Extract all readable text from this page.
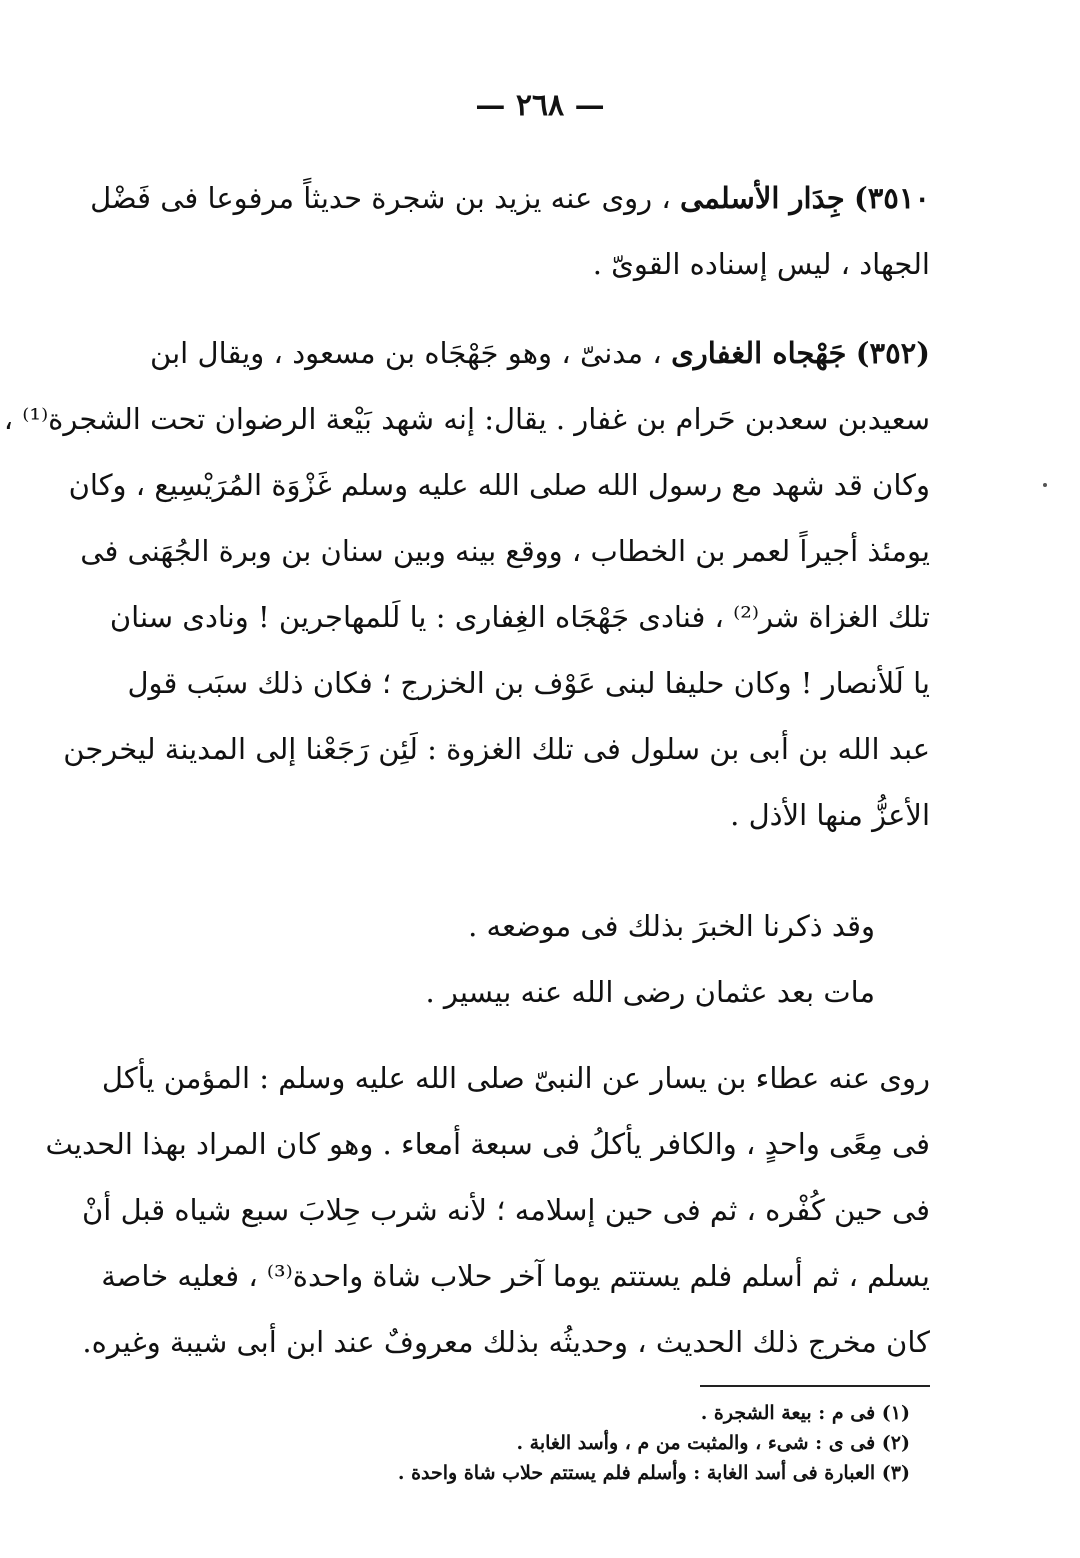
— ٢٦٨ —
٣٥١٠) جِدَار الأسلمى ، روى عنه يزيد بن شجرة حديثاً مرفوعا فى فَضْل
الجهاد ، ليس إسناده القوىّ .
(٣٥٢) جَهْجاه الغفارى ، مدنىّ ، وهو جَهْجَاه بن مسعود ، ويقال ابن
سعيدبن سعدبن حَرام بن غفار . يقال: إنه شهد بَيْعة الرضوان تحت الشجرة⁽¹⁾ ،
وكان قد شهد مع رسول الله صلى الله عليه وسلم غَزْوَة المُرَيْسِيع ، وكان
يومئذ أجيراً لعمر بن الخطاب ، ووقع بينه وبين سنان بن وبرة الجُهَنى فى
تلك الغزاة شر⁽²⁾ ، فنادى جَهْجَاه الغِفارى : يا لَلمهاجرين ! ونادى سنان
يا لَلأنصار ! وكان حليفا لبنى عَوْف بن الخزرج ؛ فكان ذلك سبَب قول
عبد الله بن أبى بن سلول فى تلك الغزوة : لَئِن رَجَعْنا إلى المدينة ليخرجن
الأعزُّ منها الأذل .
وقد ذكرنا الخبرَ بذلك فى موضعه .
مات بعد عثمان رضى الله عنه بيسير .
روى عنه عطاء بن يسار عن النبىّ صلى الله عليه وسلم : المؤمن يأكل
فى مِعًى واحدٍ ، والكافر يأكلُ فى سبعة أمعاء . وهو كان المراد بهذا الحديث
فى حين كُفْره ، ثم فى حين إسلامه ؛ لأنه شرب حِلابَ سبع شياه قبل أنْ
يسلم ، ثم أسلم فلم يستتم يوما آخر حلاب شاة واحدة⁽³⁾ ، فعليه خاصة
كان مخرج ذلك الحديث ، وحديثُه بذلك معروفٌ عند ابن أبى شيبة وغيره.
(١) فى م : بيعة الشجرة .
(٢) فى ى : شىء ، والمثبت من م ، وأسد الغابة .
(٣) العبارة فى أسد الغابة : وأسلم فلم يستتم حلاب شاة واحدة .
